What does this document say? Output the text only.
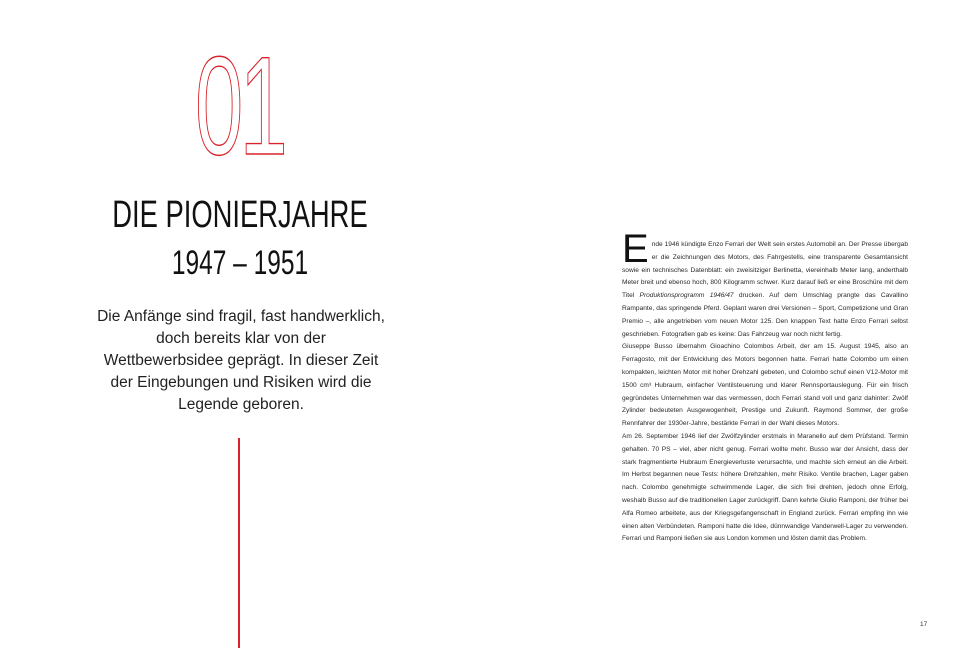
01
DIE PIONIERJAHRE
1947 – 1951
Die Anfänge sind fragil, fast handwerklich, doch bereits klar von der Wettbewerbsidee geprägt. In dieser Zeit der Eingebungen und Risiken wird die Legende geboren.

Ende 1946 kündigte Enzo Ferrari der Welt sein erstes Automobil an. Der Presse übergab er die Zeichnungen des Motors, des Fahrgestells, eine transparente Gesamtansicht sowie ein technisches Datenblatt: ein zweisitziger Berlinetta, viereinhalb Meter lang, anderthalb Meter breit und ebenso hoch, 800 Kilogramm schwer. Kurz darauf ließ er eine Broschüre mit dem Titel Produktionsprogramm 1946/47 drucken. Auf dem Umschlag prangte das Cavallino Rampante, das springende Pferd. Geplant waren drei Versionen – Sport, Competizione und Gran Premio –, alle angetrieben vom neuen Motor 125. Den knappen Text hatte Enzo Ferrari selbst geschrieben. Fotografien gab es keine: Das Fahrzeug war noch nicht fertig.

Giuseppe Busso übernahm Gioachino Colombos Arbeit, der am 15. August 1945, also an Ferragosto, mit der Entwicklung des Motors begonnen hatte. Ferrari hatte Colombo um einen kompakten, leichten Motor mit hoher Drehzahl gebeten, und Colombo schuf einen V12-Motor mit 1500 cm³ Hubraum, einfacher Ventilsteuerung und klarer Rennsportauslegung. Für ein frisch gegründetes Unternehmen war das vermessen, doch Ferrari stand voll und ganz dahinter: Zwölf Zylinder bedeuteten Ausgewogenheit, Prestige und Zukunft. Raymond Sommer, der große Rennfahrer der 1930er-Jahre, bestärkte Ferrari in der Wahl dieses Motors.

Am 26. September 1946 lief der Zwölfzylinder erstmals in Maranello auf dem Prüfstand. Termin gehalten. 70 PS – viel, aber nicht genug. Ferrari wollte mehr. Busso war der Ansicht, dass der stark fragmentierte Hubraum Energieverluste verursachte, und machte sich erneut an die Arbeit. Im Herbst begannen neue Tests: höhere Drehzahlen, mehr Risiko. Ventile brachen, Lager gaben nach. Colombo genehmigte schwimmende Lager, die sich frei drehten, jedoch ohne Erfolg, weshalb Busso auf die traditionellen Lager zurückgriff. Dann kehrte Giulio Ramponi, der früher bei Alfa Romeo arbeitete, aus der Kriegsgefangenschaft in England zurück. Ferrari empfing ihn wie einen alten Verbündeten. Ramponi hatte die Idee, dünnwandige Vanderwell-Lager zu verwenden. Ferrari und Ramponi ließen sie aus London kommen und lösten damit das Problem.

17
